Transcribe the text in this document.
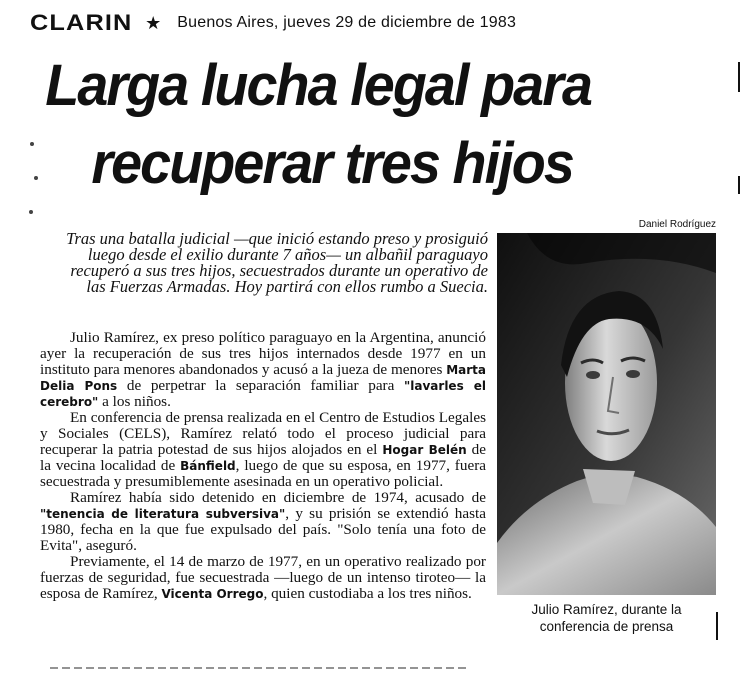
CLARIN ★ Buenos Aires, jueves 29 de diciembre de 1983
Larga lucha legal para
recuperar tres hijos

Tras una batalla judicial —que inició estando preso y prosiguió luego desde el exilio durante 7 años— un albañil paraguayo recuperó a sus tres hijos, secuestrados durante un operativo de las Fuerzas Armadas. Hoy partirá con ellos rumbo a Suecia.

Julio Ramírez, ex preso político paraguayo en la Argentina, anunció ayer la recuperación de sus tres hijos internados desde 1977 en un instituto para menores abandonados y acusó a la jueza de menores Marta Delia Pons de perpetrar la separación familiar para "lavarles el cerebro" a los niños.

En conferencia de prensa realizada en el Centro de Estudios Legales y Sociales (CELS), Ramírez relató todo el proceso judicial para recuperar la patria potestad de sus hijos alojados en el Hogar Belén de la vecina localidad de Bánfield, luego de que su esposa, en 1977, fuera secuestrada y presumiblemente asesinada en un operativo policial.

Ramírez había sido detenido en diciembre de 1974, acusado de "tenencia de literatura subversiva", y su prisión se extendió hasta 1980, fecha en la que fue expulsado del país. "Solo tenía una foto de Evita", aseguró.

Previamente, el 14 de marzo de 1977, en un operativo realizado por fuerzas de seguridad, fue secuestrada —luego de un intenso tiroteo— la esposa de Ramírez, Vicenta Orrego, quien custodiaba a los tres niños.

Daniel Rodríguez

Julio Ramírez, durante la conferencia de prensa
